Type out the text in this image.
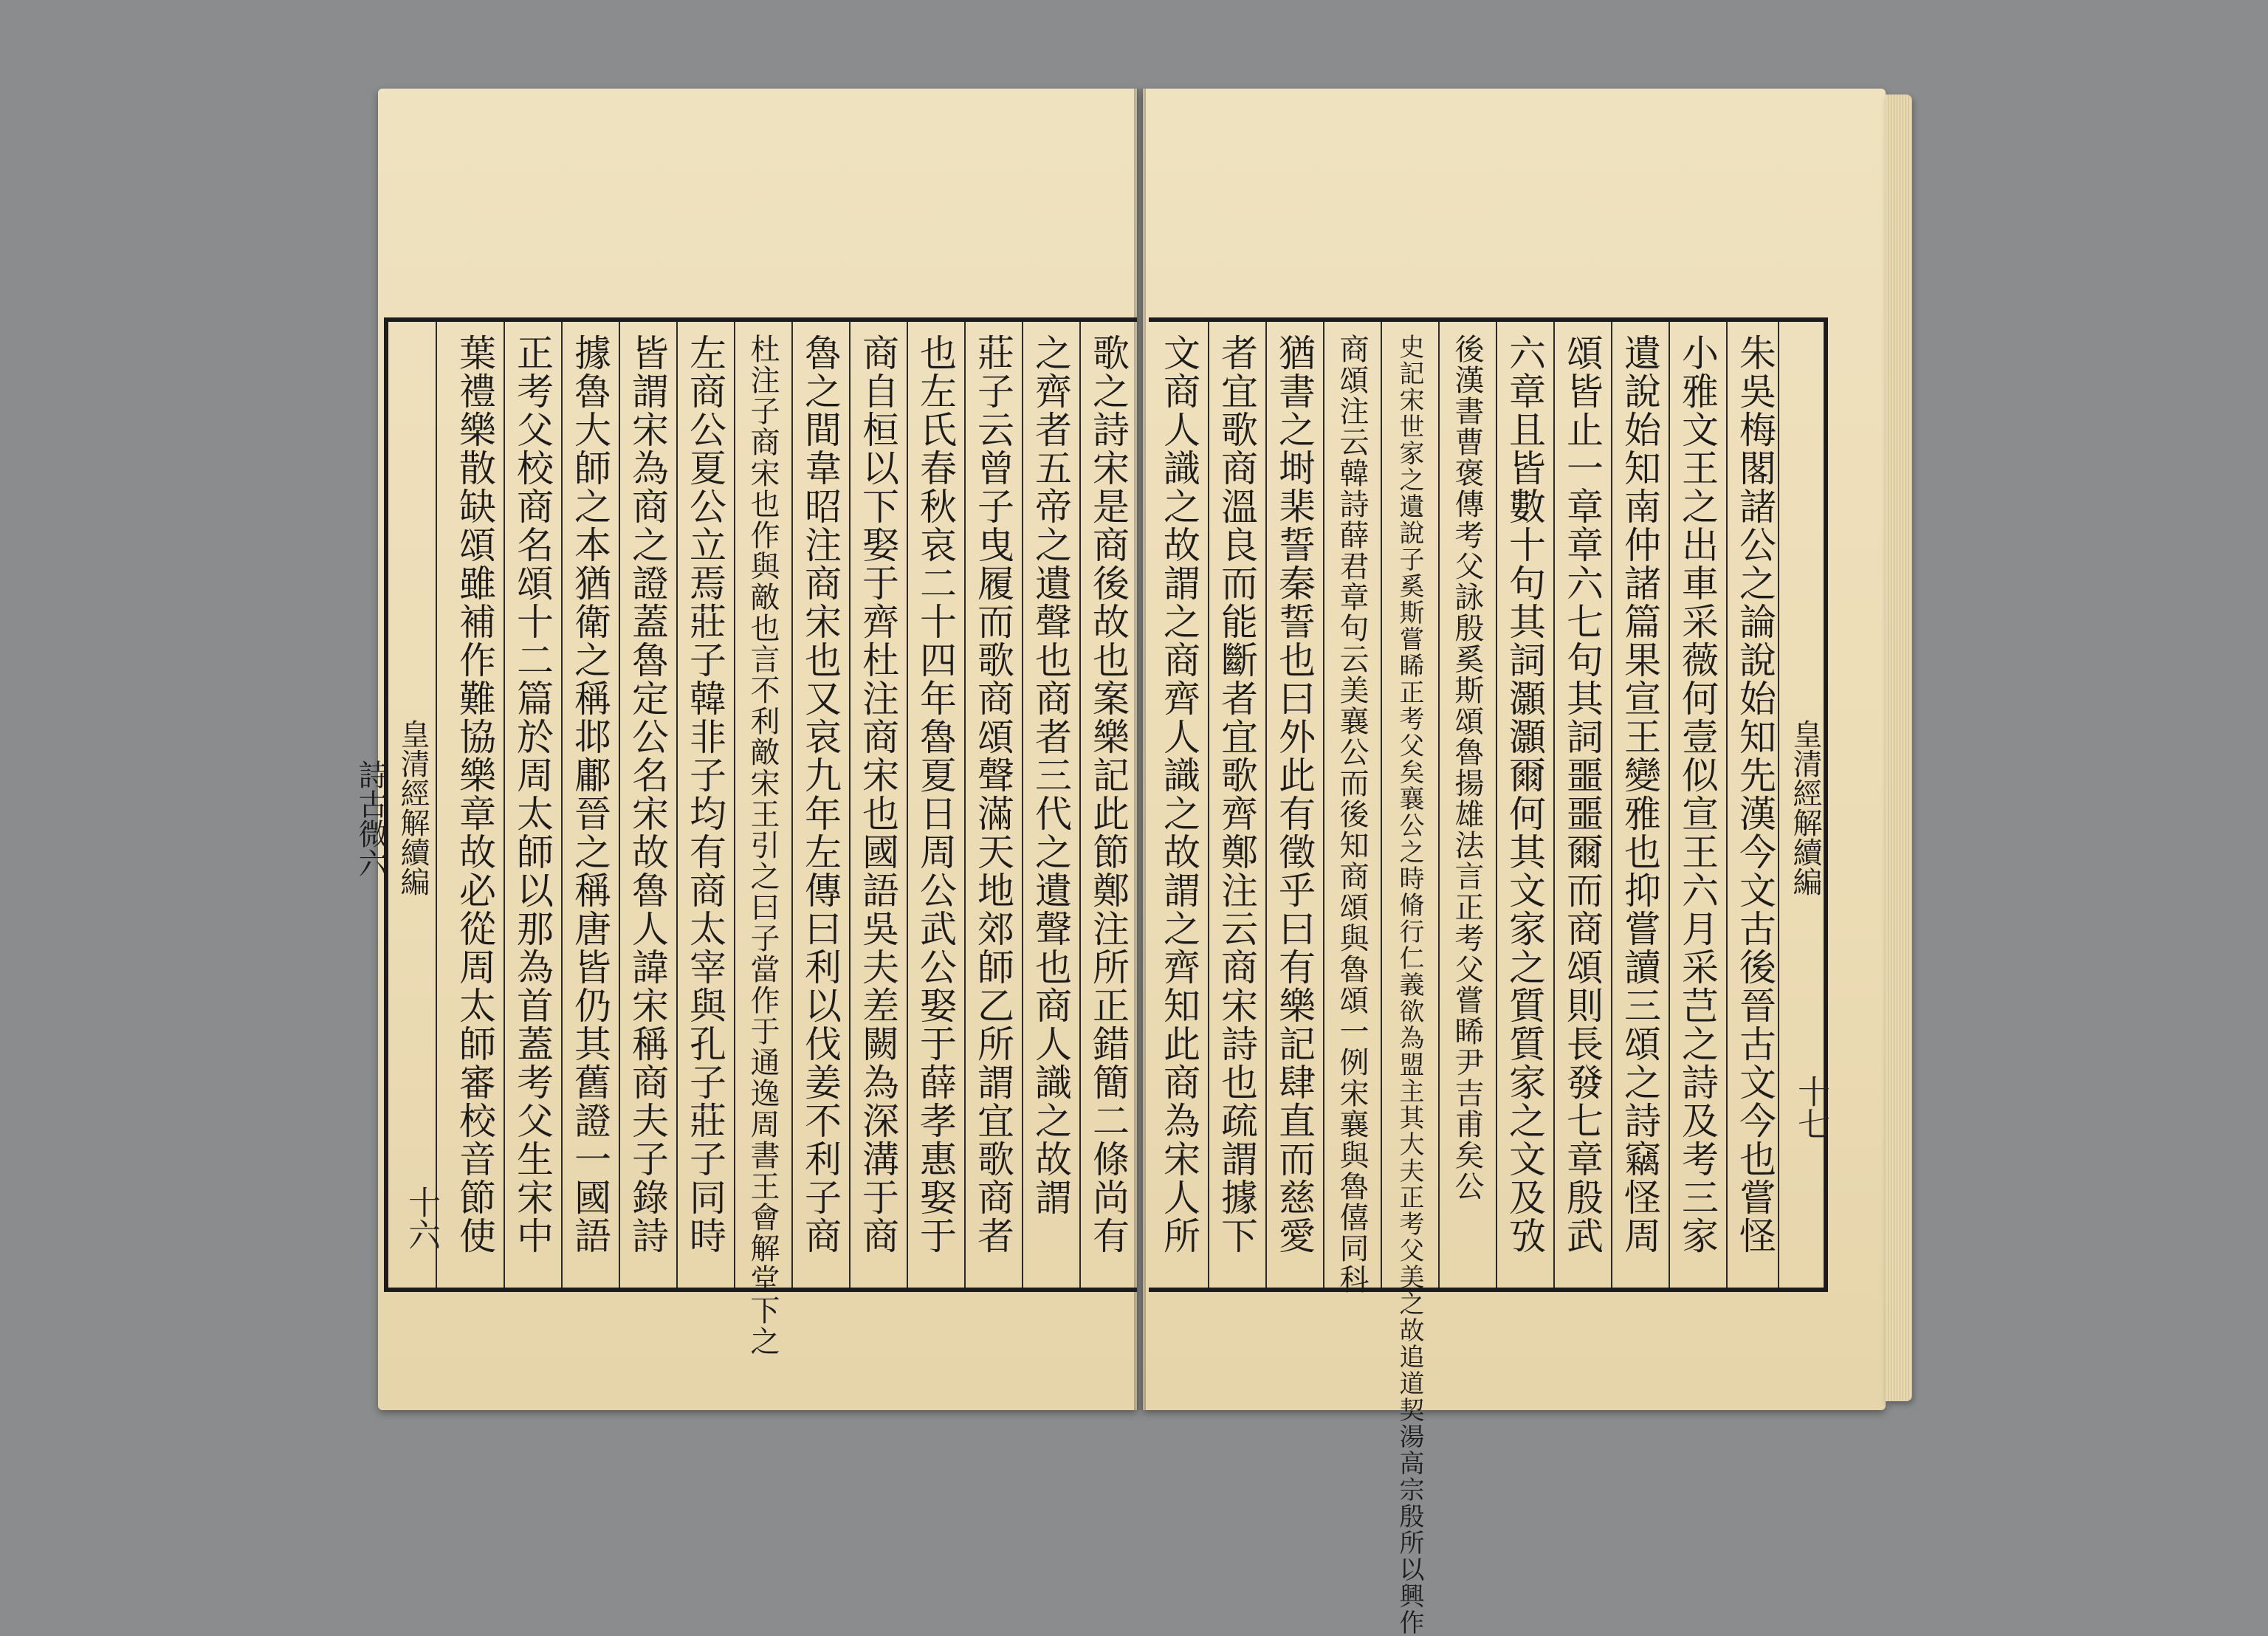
皇清經解續編
詩古微六
十六 葉禮樂散缺頌雖補作難協樂章故必從周太師審校音節使 正考父校商名頌十二篇於周太師以那為首蓋考父生宋中 據魯大師之本猶衛之稱邶鄘晉之稱唐皆仍其舊證一國語 皆謂宋為商之證蓋魯定公名宋故魯人諱宋稱商夫子錄詩 左商公夏公立焉莊子韓非子均有商太宰與孔子莊子同時 杜注子商宋也作與敵也言不利敵宋王引之曰子當作于通逸周書王會解堂下之 魯之間韋昭注商宋也又哀九年左傳曰利以伐姜不利子商 商自桓以下娶于齊杜注商宋也國語吳夫差闕為深溝于商 也左氏春秋哀二十四年魯夏日周公武公娶于薛孝惠娶于 莊子云曾子曳履而歌商頌聲滿天地郊師乙所謂宜歌商者 之齊者五帝之遺聲也商者三代之遺聲也商人識之故謂 歌之詩宋是商後故也案樂記此節鄭注所正錯簡二條尚有 文商人識之故謂之商齊人識之故謂之齊知此商為宋人所 者宜歌商溫良而能斷者宜歌齊鄭注云商宋詩也疏謂據下 猶書之埘棐誓秦誓也曰外此有徵乎曰有樂記肆直而慈愛 商頌注云韓詩薛君章句云美襄公而後知商頌與魯頌一例宋襄與魯僖同科	史記宋世家之遺說子奚斯嘗睎正考父矣襄公之時脩行仁義欲為盟主其大夫正考父美之故追道契湯高宗殷所以興作 後漢書曹褒傳考父詠殷奚斯頌魯揚雄法言正考父嘗睎尹吉甫矣公 六章且皆數十句其詞灝灝爾何其文家之質質家之文及攷 頌皆止一章章六七句其詞噩噩爾而商頌則長發七章殷武 遺說始知南仲諸篇果宣王變雅也抑嘗讀三頌之詩竊怪周 小雅文王之出車采薇何壹似宣王六月采芑之詩及考三家 朱吳梅閣諸公之論說始知先漢今文古後晉古文今也嘗怪 皇清經解續編
十七
